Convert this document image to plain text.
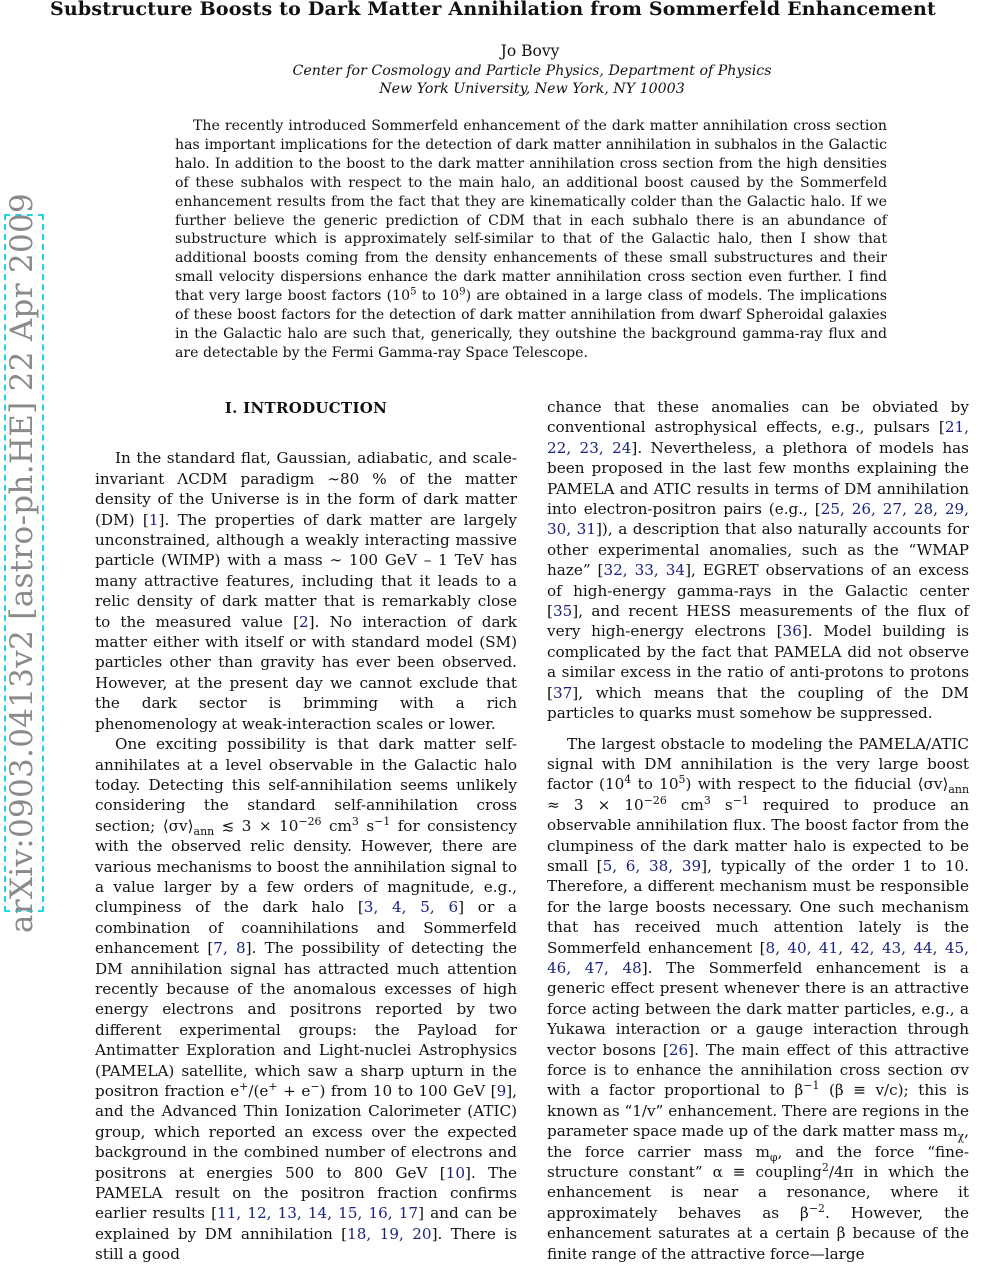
Substructure Boosts to Dark Matter Annihilation from Sommerfeld Enhancement
Jo Bovy
Center for Cosmology and Particle Physics, Department of Physics
New York University, New York, NY 10003

The recently introduced Sommerfeld enhancement of the dark matter annihilation cross section has important implications for the detection of dark matter annihilation in subhalos in the Galactic halo. In addition to the boost to the dark matter annihilation cross section from the high densities of these subhalos with respect to the main halo, an additional boost caused by the Sommerfeld enhancement results from the fact that they are kinematically colder than the Galactic halo. If we further believe the generic prediction of CDM that in each subhalo there is an abundance of substructure which is approximately self-similar to that of the Galactic halo, then I show that additional boosts coming from the density enhancements of these small substructures and their small velocity dispersions enhance the dark matter annihilation cross section even further. I find that very large boost factors ($10^5$ to $10^9$) are obtained in a large class of models. The implications of these boost factors for the detection of dark matter annihilation from dwarf Spheroidal galaxies in the Galactic halo are such that, generically, they outshine the background gamma-ray flux and are detectable by the Fermi Gamma-ray Space Telescope.

arXiv:0903.0413v2 [astro-ph.HE] 22 Apr 2009	I. INTRODUCTION

In the standard flat, Gaussian, adiabatic, and scale-invariant ΛCDM paradigm ∼80 % of the matter density of the Universe is in the form of dark matter (DM) [1]. The properties of dark matter are largely unconstrained, although a weakly interacting massive particle (WIMP) with a mass ∼ 100 GeV – 1 TeV has many attractive features, including that it leads to a relic density of dark matter that is remarkably close to the measured value [2]. No interaction of dark matter either with itself or with standard model (SM) particles other than gravity has ever been observed. However, at the present day we cannot exclude that the dark sector is brimming with a rich phenomenology at weak-interaction scales or lower.

One exciting possibility is that dark matter self-annihilates at a level observable in the Galactic halo today. Detecting this self-annihilation seems unlikely considering the standard self-annihilation cross section; $⟨\sigma v⟩_{ann}$ ≲ $3 \times 10^{-26}$ $cm^3$ $s^{-1}$ for consistency with the observed relic density. However, there are various mechanisms to boost the annihilation signal to a value larger by a few orders of magnitude, e.g., clumpiness of the dark halo [3, 4, 5, 6] or a combination of coannihilations and Sommerfeld enhancement [7, 8]. The possibility of detecting the DM annihilation signal has attracted much attention recently because of the anomalous excesses of high energy electrons and positrons reported by two different experimental groups: the Payload for Antimatter Exploration and Light-nuclei Astrophysics (PAMELA) satellite, which saw a sharp upturn in the positron fraction e+/(e+ + e−) from 10 to 100 GeV [9], and the Advanced Thin Ionization Calorimeter (ATIC) group, which reported an excess over the expected background in the combined number of electrons and positrons at energies 500 to 800 GeV [10]. The PAMELA result on the positron fraction confirms earlier results [11, 12, 13, 14, 15, 16, 17] and can be explained by DM annihilation [18, 19, 20]. There is still a good

chance that these anomalies can be obviated by conventional astrophysical effects, e.g., pulsars [21, 22, 23, 24]. Nevertheless, a plethora of models has been proposed in the last few months explaining the PAMELA and ATIC results in terms of DM annihilation into electron-positron pairs (e.g., [25, 26, 27, 28, 29, 30, 31]), a description that also naturally accounts for other experimental anomalies, such as the “WMAP haze” [32, 33, 34], EGRET observations of an excess of high-energy gamma-rays in the Galactic center [35], and recent HESS measurements of the flux of very high-energy electrons [36]. Model building is complicated by the fact that PAMELA did not observe a similar excess in the ratio of anti-protons to protons [37], which means that the coupling of the DM particles to quarks must somehow be suppressed.

The largest obstacle to modeling the PAMELA/ATIC signal with DM annihilation is the very large boost factor ($10^4$ to $10^5$) with respect to the fiducial $⟨\sigma v⟩_{ann} \approx 3 \times 10^{-26}$ $cm^3$ $s^{-1}$ required to produce an observable annihilation flux. The boost factor from the clumpiness of the dark matter halo is expected to be small [5, 6, 38, 39], typically of the order 1 to 10. Therefore, a different mechanism must be responsible for the large boosts necessary. One such mechanism that has received much attention lately is the Sommerfeld enhancement [8, 40, 41, 42, 43, 44, 45, 46, 47, 48]. The Sommerfeld enhancement is a generic effect present whenever there is an attractive force acting between the dark matter particles, e.g., a Yukawa interaction or a gauge interaction through vector bosons [26]. The main effect of this attractive force is to enhance the annihilation cross section σv with a factor proportional to $\beta^{-1}$ (β ≡ v/c); this is known as “1/v” enhancement. There are regions in the parameter space made up of the dark matter mass $m_\chi$, the force carrier mass $m_\varphi$, and the force “fine-structure constant” α ≡ coupling$^2$/4π in which the enhancement is near a resonance, where it approximately behaves as $\beta^{-2}$. However, the enhancement saturates at a certain β because of the finite range of the attractive force—large
